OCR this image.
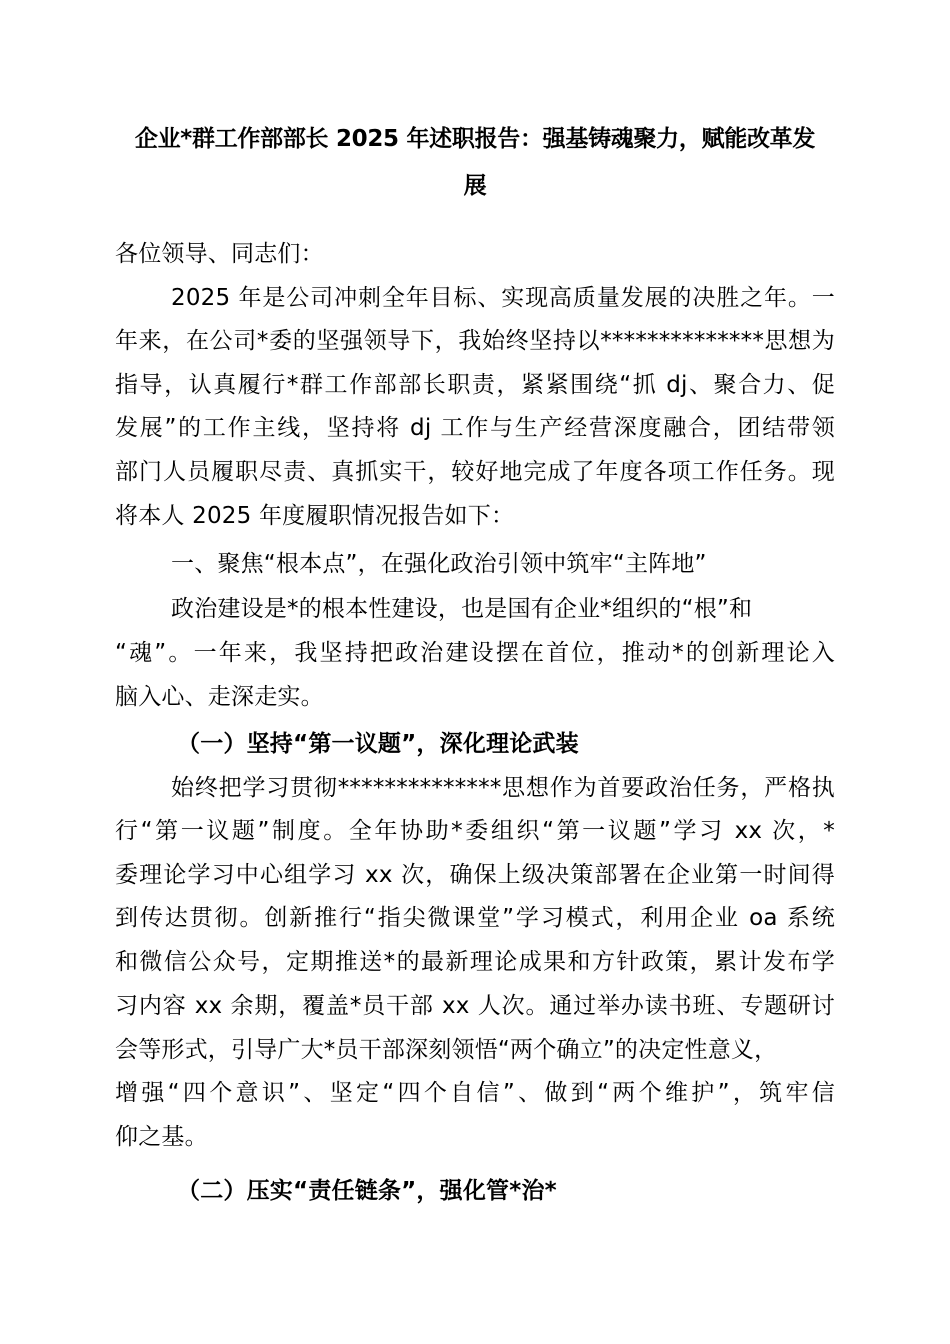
企业*群工作部部长 2025 年述职报告：强基铸魂聚力，赋能改革发
展
各位领导、同志们：
2025 年是公司冲刺全年目标、实现高质量发展的决胜之年。一
年来，在公司*委的坚强领导下，我始终坚持以**************思想为
指导，认真履行*群工作部部长职责，紧紧围绕“抓 dj、聚合力、促
发展”的工作主线，坚持将 dj 工作与生产经营深度融合，团结带领
部门人员履职尽责、真抓实干，较好地完成了年度各项工作任务。现
将本人 2025 年度履职情况报告如下：
一、聚焦“根本点”，在强化政治引领中筑牢“主阵地”
政治建设是*的根本性建设，也是国有企业*组织的“根”和
“魂”。一年来，我坚持把政治建设摆在首位，推动*的创新理论入
脑入心、走深走实。
（一）坚持“第一议题”，深化理论武装
始终把学习贯彻**************思想作为首要政治任务，严格执
行“第一议题”制度。全年协助*委组织“第一议题”学习 xx 次，*
委理论学习中心组学习 xx 次，确保上级决策部署在企业第一时间得
到传达贯彻。创新推行“指尖微课堂”学习模式，利用企业 oa 系统
和微信公众号，定期推送*的最新理论成果和方针政策，累计发布学
习内容 xx 余期，覆盖*员干部 xx 人次。通过举办读书班、专题研讨
会等形式，引导广大*员干部深刻领悟“两个确立”的决定性意义，
增强“四个意识”、坚定“四个自信”、做到“两个维护”，筑牢信
仰之基。
（二）压实“责任链条”，强化管*治*
